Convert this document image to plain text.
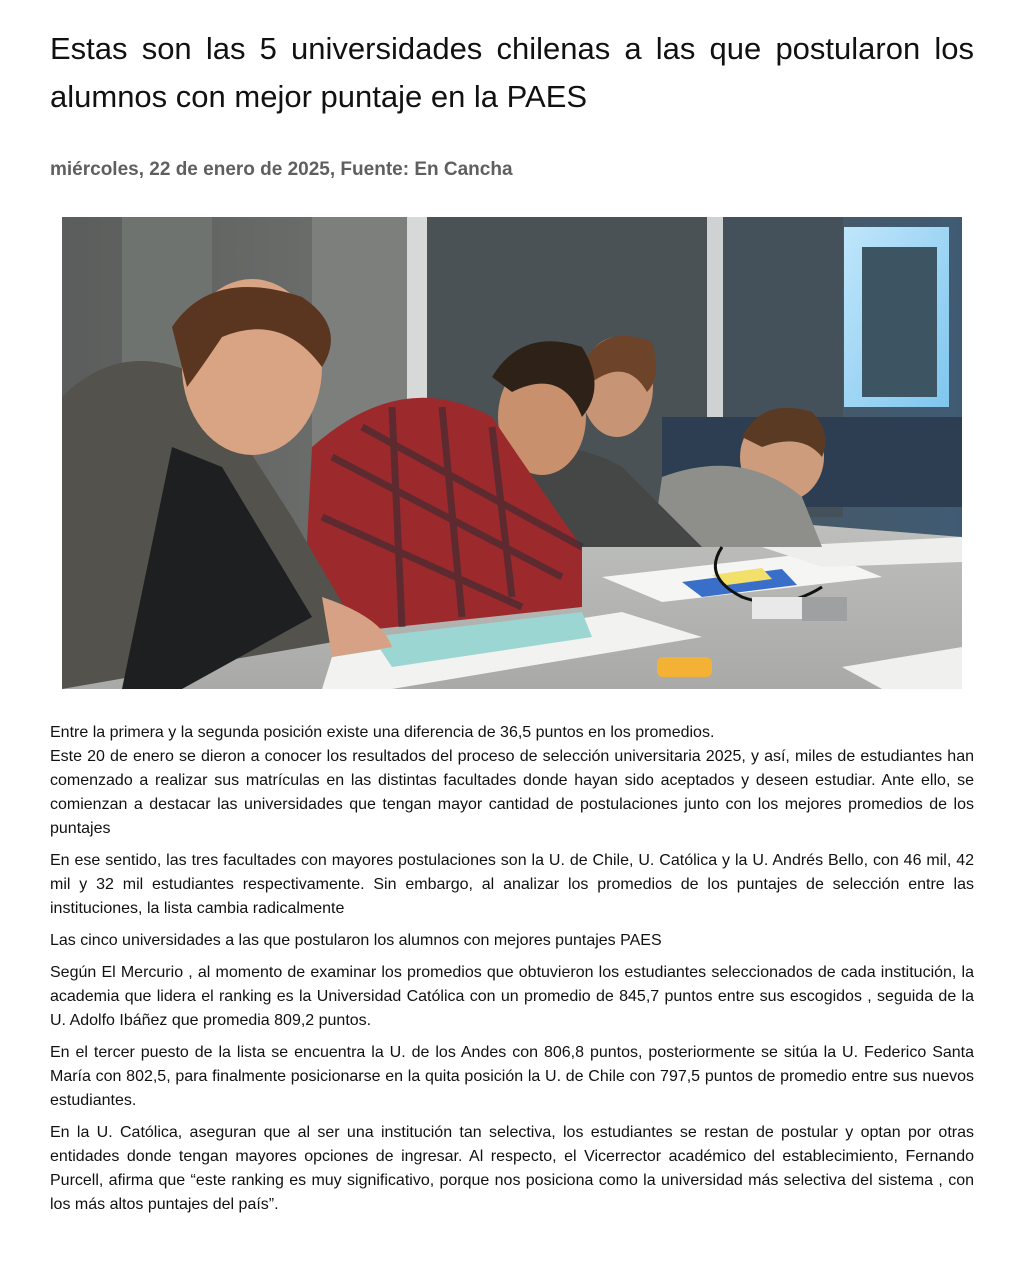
Estas son las 5 universidades chilenas a las que postularon los alumnos con mejor puntaje en la PAES
miércoles, 22 de enero de 2025, Fuente: En Cancha

Entre la primera y la segunda posición existe una diferencia de 36,5 puntos en los promedios.

Este 20 de enero se dieron a conocer los resultados del proceso de selección universitaria 2025, y así, miles de estudiantes han comenzado a realizar sus matrículas en las distintas facultades donde hayan sido aceptados y deseen estudiar. Ante ello, se comienzan a destacar las universidades que tengan mayor cantidad de postulaciones junto con los mejores promedios de los puntajes

En ese sentido, las tres facultades con mayores postulaciones son la U. de Chile, U. Católica y la U. Andrés Bello, con 46 mil, 42 mil y 32 mil estudiantes respectivamente. Sin embargo, al analizar los promedios de los puntajes de selección entre las instituciones, la lista cambia radicalmente

Las cinco universidades a las que postularon los alumnos con mejores puntajes PAES

Según El Mercurio , al momento de examinar los promedios que obtuvieron los estudiantes seleccionados de cada institución, la academia que lidera el ranking es la Universidad Católica con un promedio de 845,7 puntos entre sus escogidos , seguida de la U. Adolfo Ibáñez que promedia 809,2 puntos.

En el tercer puesto de la lista se encuentra la U. de los Andes con 806,8 puntos, posteriormente se sitúa la U. Federico Santa María con 802,5, para finalmente posicionarse en la quita posición la U. de Chile con 797,5 puntos de promedio entre sus nuevos estudiantes.

En la U. Católica, aseguran que al ser una institución tan selectiva, los estudiantes se restan de postular y optan por otras entidades donde tengan mayores opciones de ingresar. Al respecto, el Vicerrector académico del establecimiento, Fernando Purcell, afirma que “este ranking es muy significativo, porque nos posiciona como la universidad más selectiva del sistema , con los más altos puntajes del país”.
